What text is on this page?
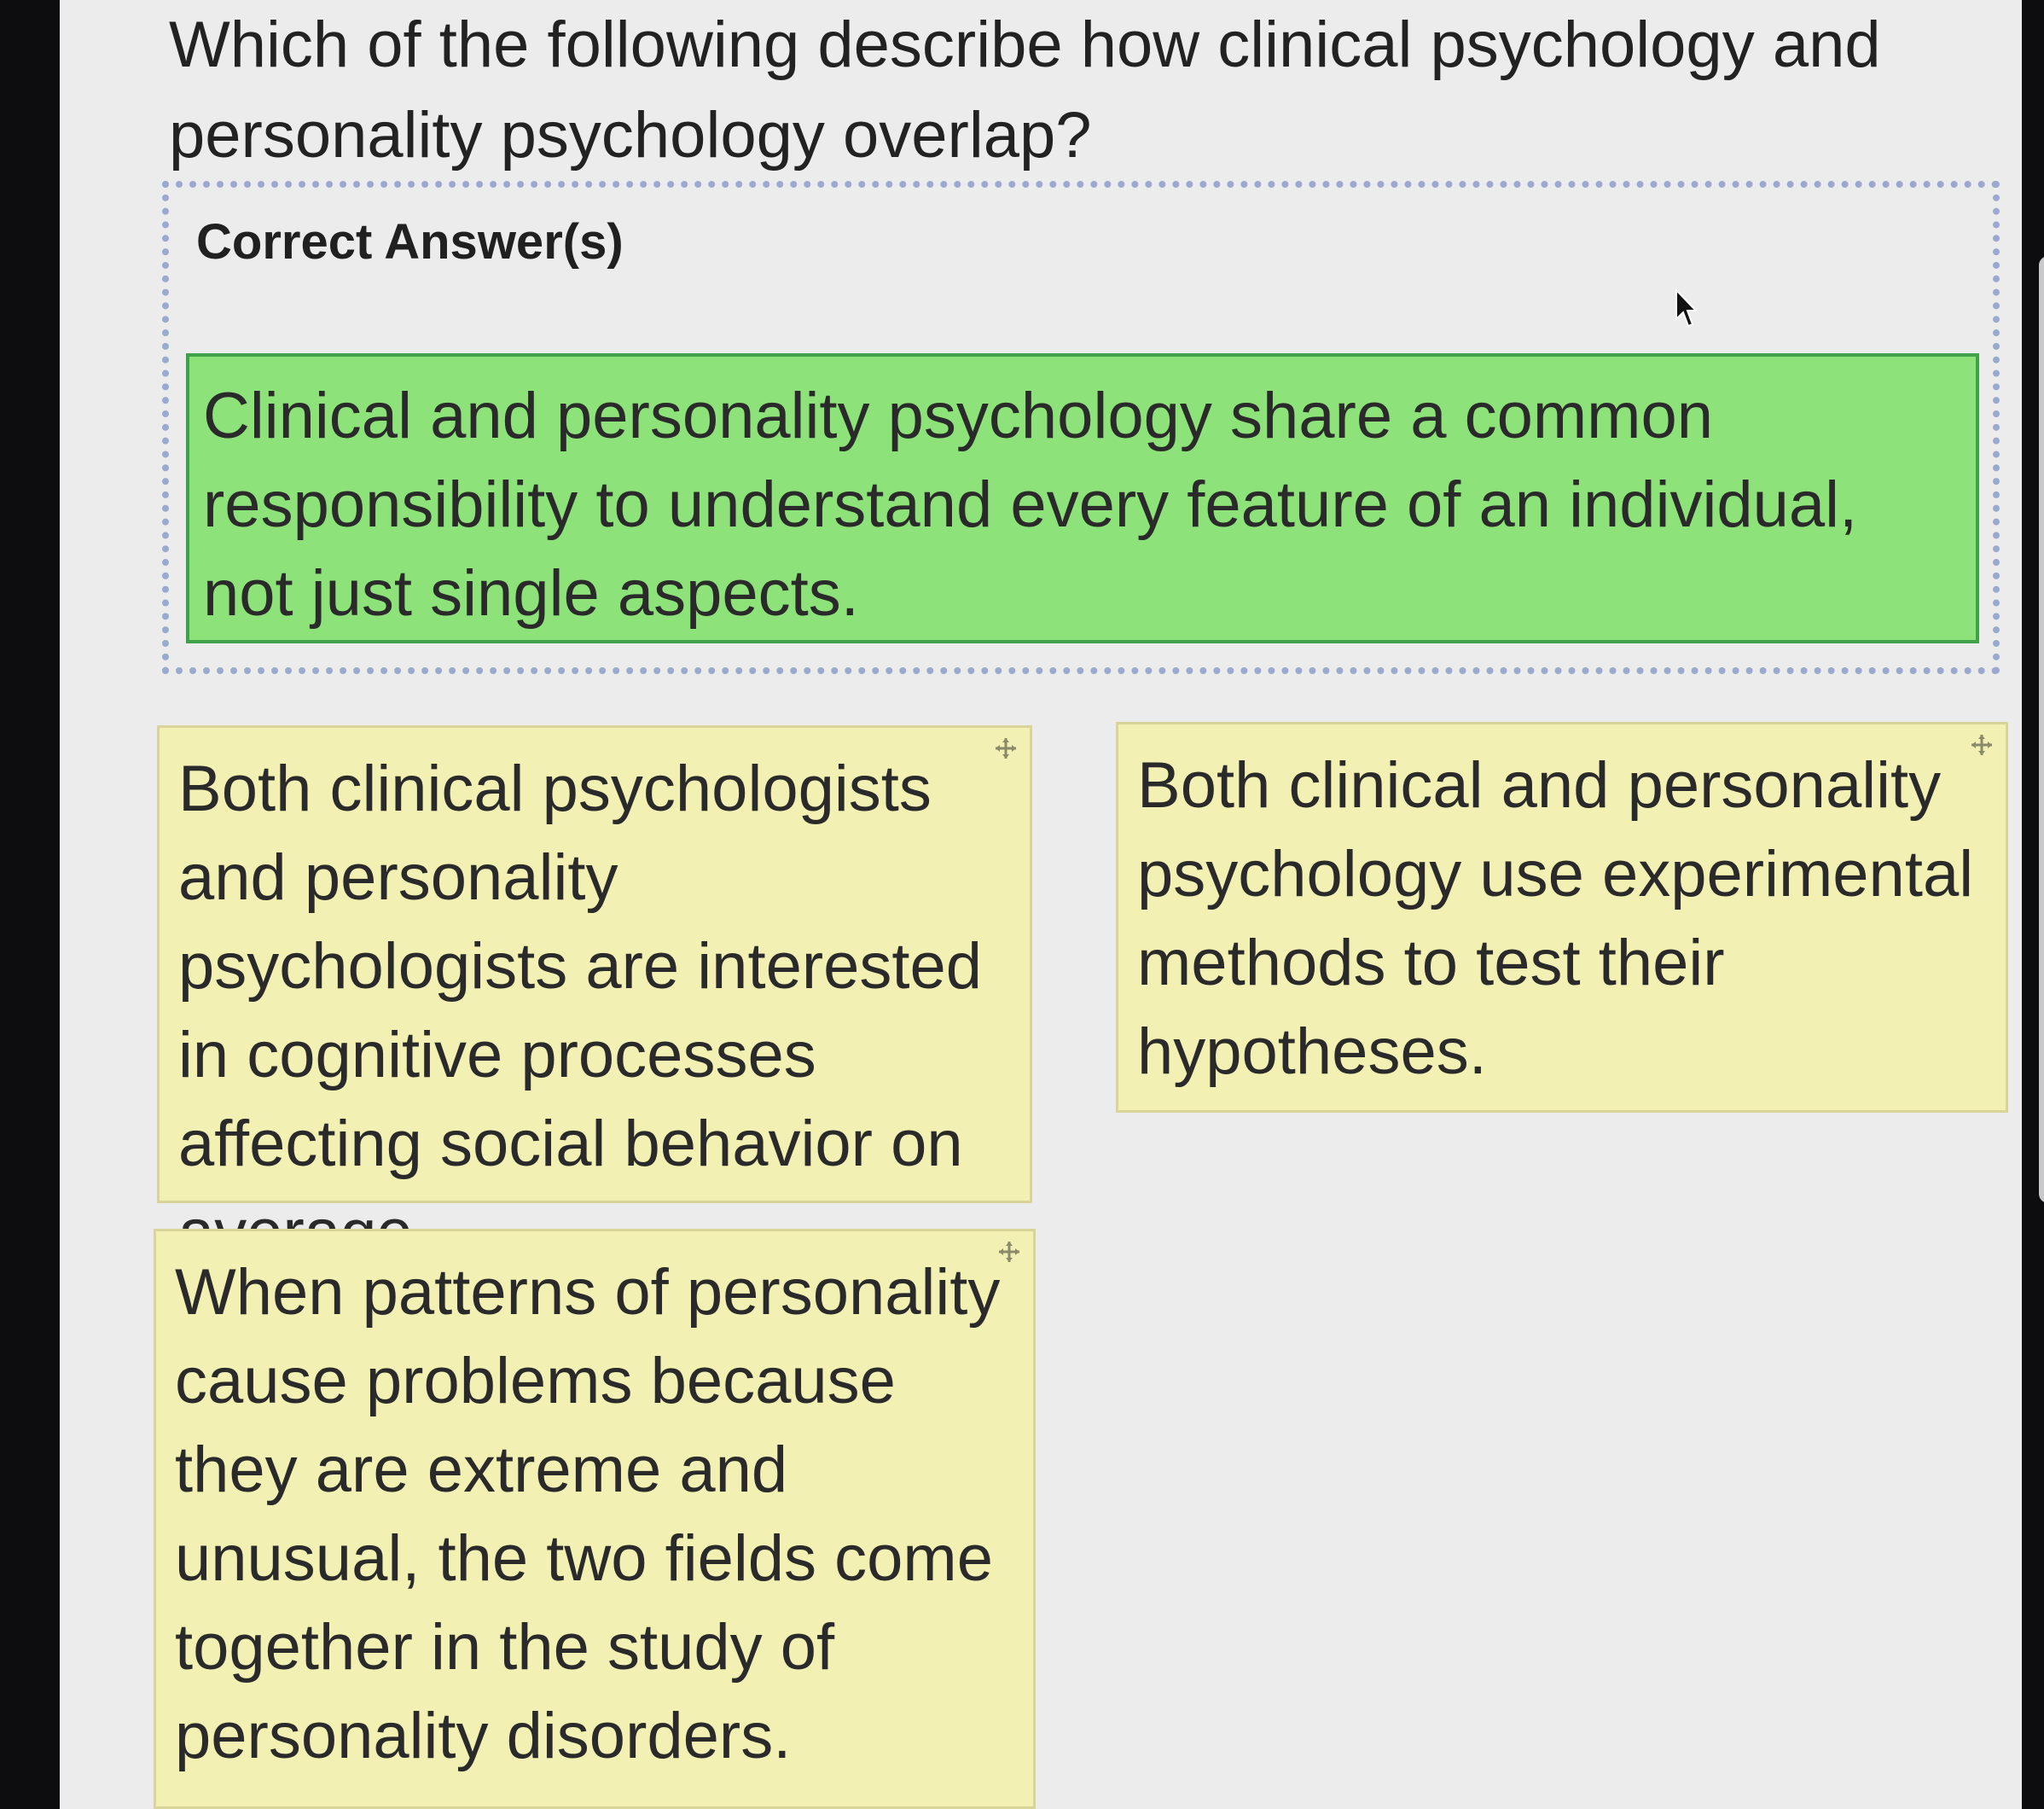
Which of the following describe how clinical psychology and personality psychology overlap?
Correct Answer(s)
Clinical and personality psychology share a common responsibility to understand every feature of an individual, not just single aspects.
Both clinical psychologists and personality psychologists are interested in cognitive processes affecting social behavior on
Both clinical and personality psychology use experimental methods to test their hypotheses.
When patterns of personality cause problems because they are extreme and unusual, the two fields come together in the study of personality disorders.
